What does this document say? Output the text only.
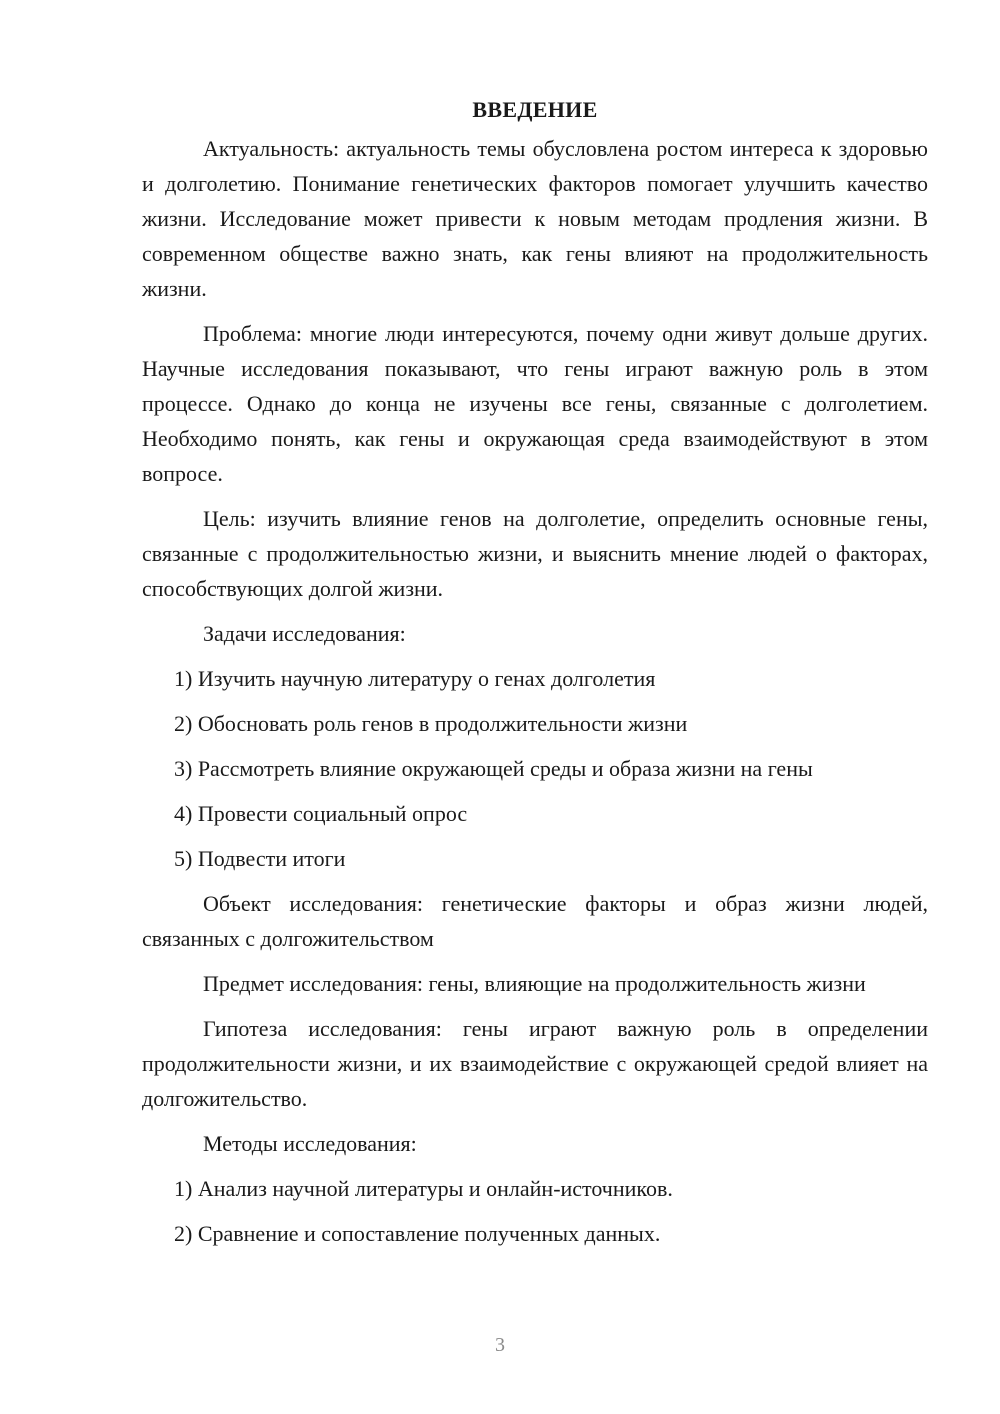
ВВЕДЕНИЕ

Актуальность: актуальность темы обусловлена ростом интереса к здоровью и долголетию. Понимание генетических факторов помогает улучшить качество жизни. Исследование может привести к новым методам продления жизни. В современном обществе важно знать, как гены влияют на продолжительность жизни.

Проблема: многие люди интересуются, почему одни живут дольше других. Научные исследования показывают, что гены играют важную роль в этом процессе. Однако до конца не изучены все гены, связанные с долголетием. Необходимо понять, как гены и окружающая среда взаимодействуют в этом вопросе.

Цель: изучить влияние генов на долголетие, определить основные гены, связанные с продолжительностью жизни, и выяснить мнение людей о факторах, способствующих долгой жизни.

Задачи исследования:

1) Изучить научную литературу о генах долголетия
2) Обосновать роль генов в продолжительности жизни
3) Рассмотреть влияние окружающей среды и образа жизни на гены
4) Провести социальный опрос
5) Подвести итоги

Объект исследования: генетические факторы и образ жизни людей, связанных с долгожительством

Предмет исследования: гены, влияющие на продолжительность жизни

Гипотеза исследования: гены играют важную роль в определении продолжительности жизни, и их взаимодействие с окружающей средой влияет на долгожительство.

Методы исследования:

1) Анализ научной литературы и онлайн-источников.
2) Сравнение и сопоставление полученных данных.
3
